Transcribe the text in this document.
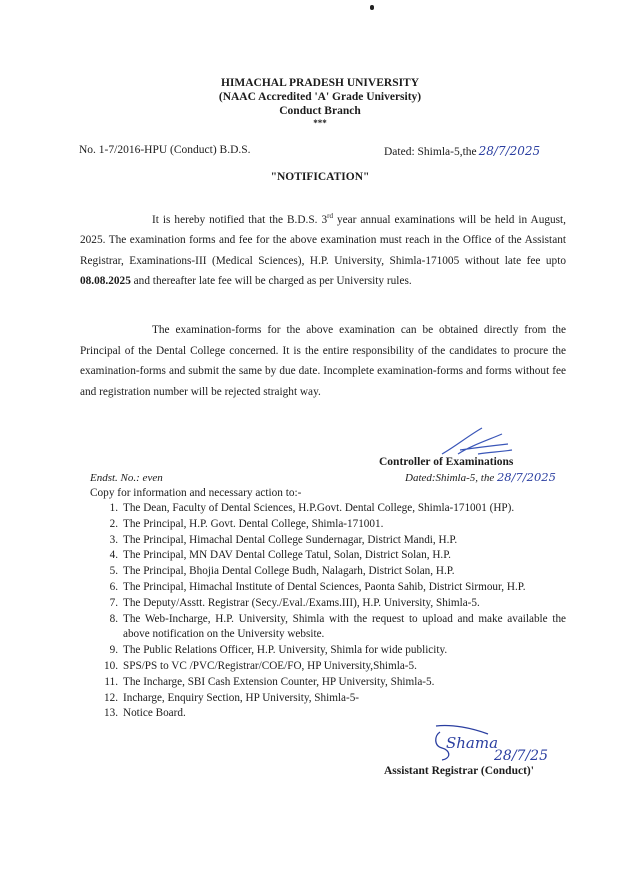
HIMACHAL PRADESH UNIVERSITY
(NAAC Accredited 'A' Grade University)
Conduct Branch
***
No. 1-7/2016-HPU (Conduct) B.D.S.	Dated: Shimla-5,the 28/7/2025
"NOTIFICATION"

It is hereby notified that the B.D.S. 3rd year annual examinations will be held in August, 2025. The examination forms and fee for the above examination must reach in the Office of the Assistant Registrar, Examinations-III (Medical Sciences), H.P. University, Shimla-171005 without late fee upto 08.08.2025 and thereafter late fee will be charged as per University rules.

The examination-forms for the above examination can be obtained directly from the Principal of the Dental College concerned. It is the entire responsibility of the candidates to procure the examination-forms and submit the same by due date. Incomplete examination-forms and forms without fee and registration number will be rejected straight way.

Controller of Examinations
Endst. No.: even	Dated:Shimla-5, the 28/7/2025
Copy for information and necessary action to:-
1. The Dean, Faculty of Dental Sciences, H.P.Govt. Dental College, Shimla-171001 (HP).
2. The Principal, H.P. Govt. Dental College, Shimla-171001.
3. The Principal, Himachal Dental College Sundernagar, District Mandi, H.P.
4. The Principal, MN DAV Dental College Tatul, Solan, District Solan, H.P.
5. The Principal, Bhojia Dental College Budh, Nalagarh, District Solan, H.P.
6. The Principal, Himachal Institute of Dental Sciences, Paonta Sahib, District Sirmour, H.P.
7. The Deputy/Asstt. Registrar (Secy./Eval./Exams.III), H.P. University, Shimla-5.
8. The Web-Incharge, H.P. University, Shimla with the request to upload and make available the above notification on the University website.
9. The Public Relations Officer, H.P. University, Shimla for wide publicity.
10. SPS/PS to VC /PVC/Registrar/COE/FO, HP University,Shimla-5.
11. The Incharge, SBI Cash Extension Counter, HP University, Shimla-5.
12. Incharge, Enquiry Section, HP University, Shimla-5-
13. Notice Board.
Shama
28/7/25
Assistant Registrar (Conduct)'
